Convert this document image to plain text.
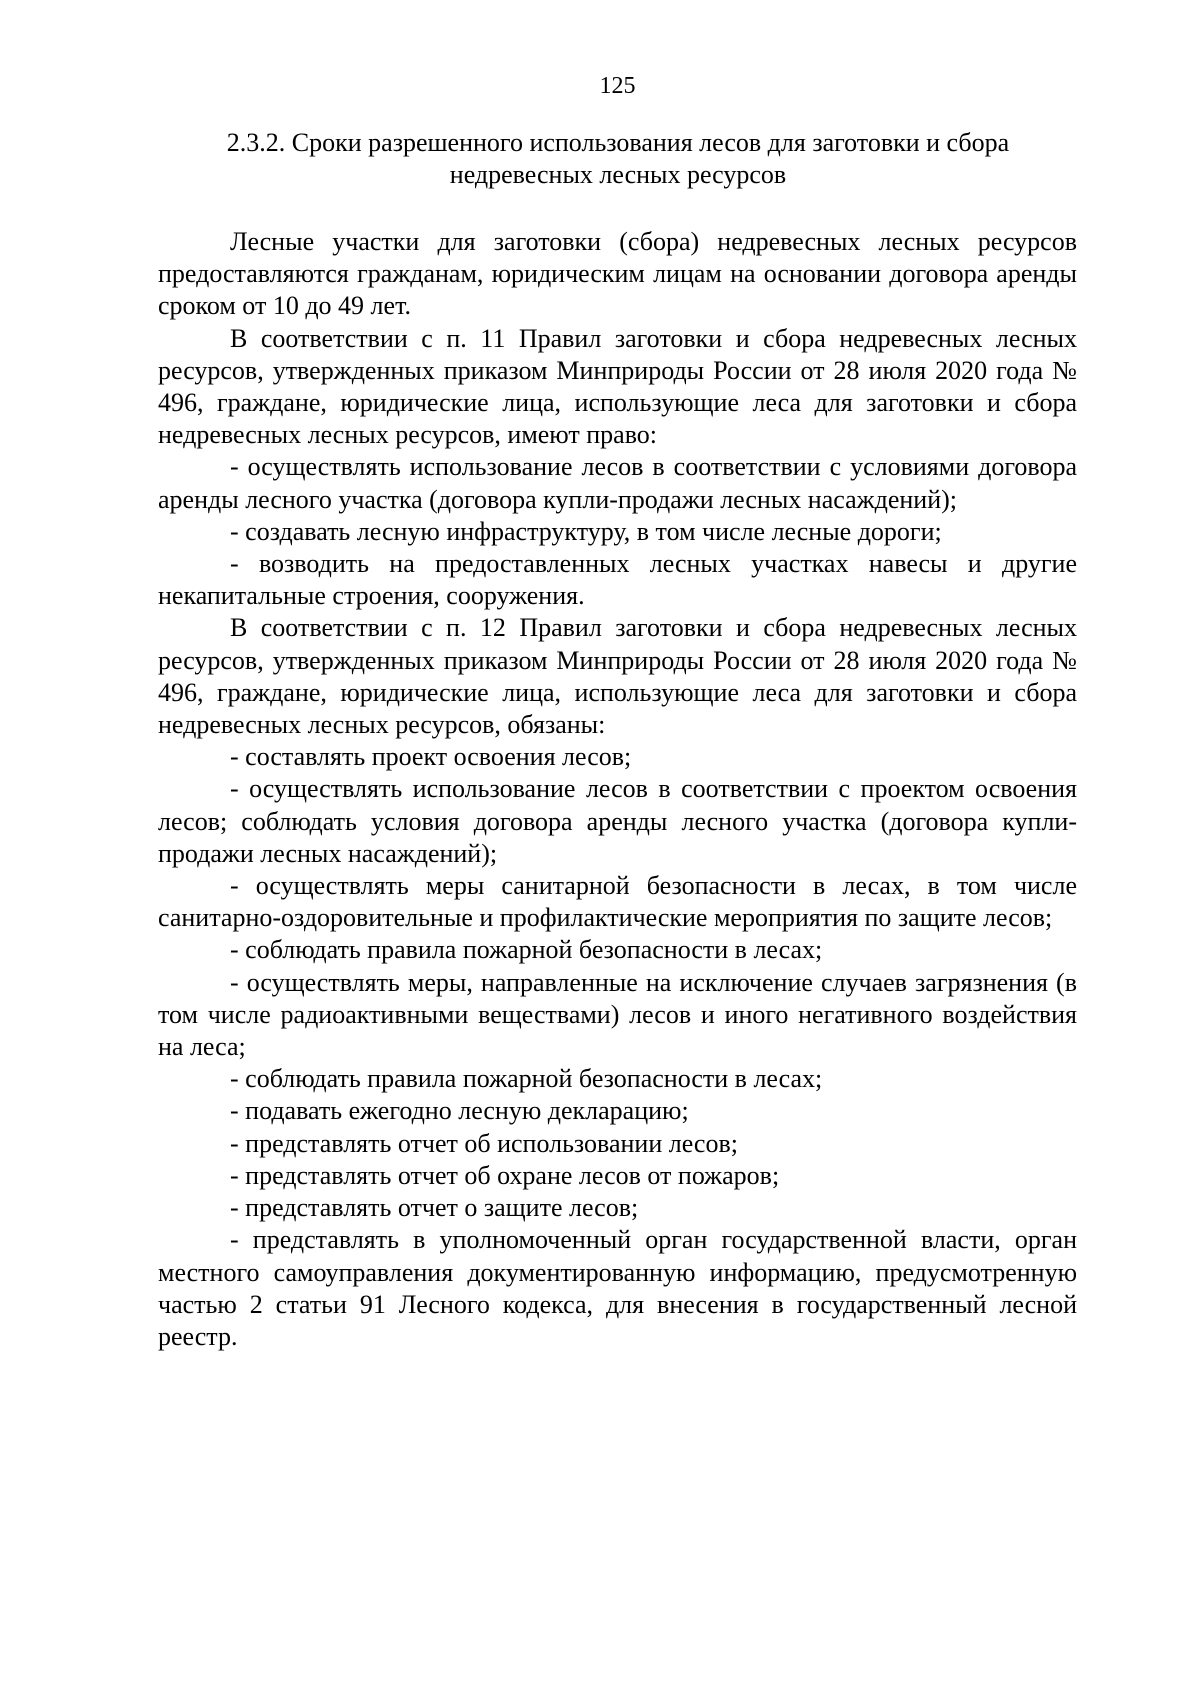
125
2.3.2. Сроки разрешенного использования лесов для заготовки и сбора
недревесных лесных ресурсов

Лесные участки для заготовки (сбора) недревесных лесных ресурсов предоставляются гражданам, юридическим лицам на основании договора аренды сроком от 10 до 49 лет.

В соответствии с п. 11 Правил заготовки и сбора недревесных лесных ресурсов, утвержденных приказом Минприроды России от 28 июля 2020 года № 496, граждане, юридические лица, использующие леса для заготовки и сбора недревесных лесных ресурсов, имеют право:

- осуществлять использование лесов в соответствии с условиями договора аренды лесного участка (договора купли-продажи лесных насаждений);

- создавать лесную инфраструктуру, в том числе лесные дороги;

- возводить на предоставленных лесных участках навесы и другие некапитальные строения, сооружения.

В соответствии с п. 12 Правил заготовки и сбора недревесных лесных ресурсов, утвержденных приказом Минприроды России от 28 июля 2020 года № 496, граждане, юридические лица, использующие леса для заготовки и сбора недревесных лесных ресурсов, обязаны:

- составлять проект освоения лесов;

- осуществлять использование лесов в соответствии с проектом освоения лесов; соблюдать условия договора аренды лесного участка (договора купли-продажи лесных насаждений);

- осуществлять меры санитарной безопасности в лесах, в том числе санитарно-оздоровительные и профилактические мероприятия по защите лесов;

- соблюдать правила пожарной безопасности в лесах;

- осуществлять меры, направленные на исключение случаев загрязнения (в том числе радиоактивными веществами) лесов и иного негативного воздействия на леса;

- соблюдать правила пожарной безопасности в лесах;

- подавать ежегодно лесную декларацию;

- представлять отчет об использовании лесов;

- представлять отчет об охране лесов от пожаров;

- представлять отчет о защите лесов;

- представлять в уполномоченный орган государственной власти, орган местного самоуправления документированную информацию, предусмотренную частью 2 статьи 91 Лесного кодекса, для внесения в государственный лесной реестр.
